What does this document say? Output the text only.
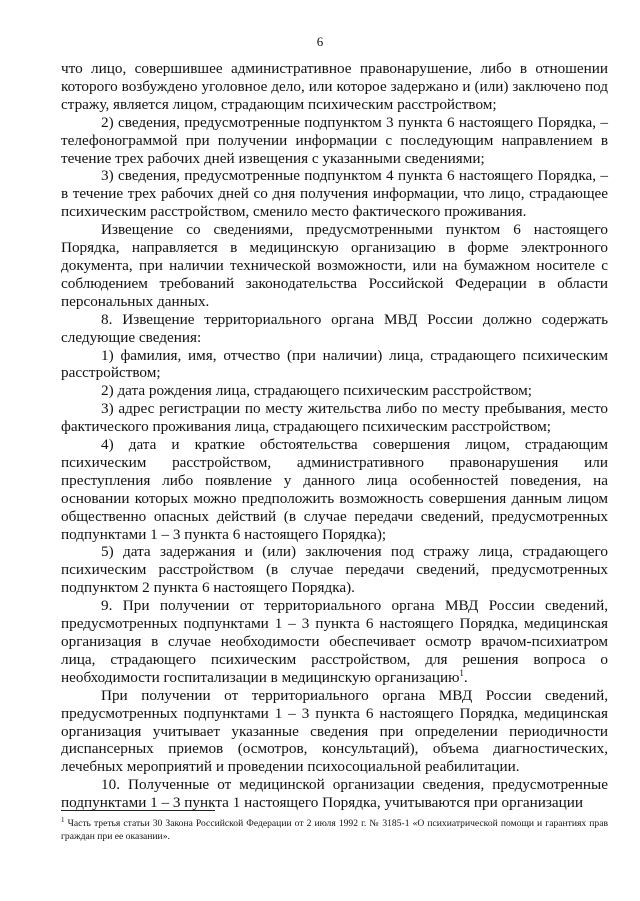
6

что лицо, совершившее административное правонарушение, либо в отношении которого возбуждено уголовное дело, или которое задержано и (или) заключено под стражу, является лицом, страдающим психическим расстройством;

2) сведения, предусмотренные подпунктом 3 пункта 6 настоящего Порядка, – телефонограммой при получении информации с последующим направлением в течение трех рабочих дней извещения с указанными сведениями;

3) сведения, предусмотренные подпунктом 4 пункта 6 настоящего Порядка, – в течение трех рабочих дней со дня получения информации, что лицо, страдающее психическим расстройством, сменило место фактического проживания.

Извещение со сведениями, предусмотренными пунктом 6 настоящего Порядка, направляется в медицинскую организацию в форме электронного документа, при наличии технической возможности, или на бумажном носителе с соблюдением требований законодательства Российской Федерации в области персональных данных.

8. Извещение территориального органа МВД России должно содержать следующие сведения:

1) фамилия, имя, отчество (при наличии) лица, страдающего психическим расстройством;

2) дата рождения лица, страдающего психическим расстройством;

3) адрес регистрации по месту жительства либо по месту пребывания, место фактического проживания лица, страдающего психическим расстройством;

4) дата и краткие обстоятельства совершения лицом, страдающим психическим расстройством, административного правонарушения или преступления либо появление у данного лица особенностей поведения, на основании которых можно предположить возможность совершения данным лицом общественно опасных действий (в случае передачи сведений, предусмотренных подпунктами 1 – 3 пункта 6 настоящего Порядка);

5) дата задержания и (или) заключения под стражу лица, страдающего психическим расстройством (в случае передачи сведений, предусмотренных подпунктом 2 пункта 6 настоящего Порядка).

9. При получении от территориального органа МВД России сведений, предусмотренных подпунктами 1 – 3 пункта 6 настоящего Порядка, медицинская организация в случае необходимости обеспечивает осмотр врачом-психиатром лица, страдающего психическим расстройством, для решения вопроса о необходимости госпитализации в медицинскую организацию$^1$.

При получении от территориального органа МВД России сведений, предусмотренных подпунктами 1 – 3 пункта 6 настоящего Порядка, медицинская организация учитывает указанные сведения при определении периодичности диспансерных приемов (осмотров, консультаций), объема диагностических, лечебных мероприятий и проведении психосоциальной реабилитации.

10. Полученные от медицинской организации сведения, предусмотренные подпунктами 1 – 3 пункта 1 настоящего Порядка, учитываются при организации

$^1$ Часть третья статьи 30 Закона Российской Федерации от 2 июля 1992 г. № 3185-1 «О психиатрической помощи и гарантиях прав граждан при ее оказании».
